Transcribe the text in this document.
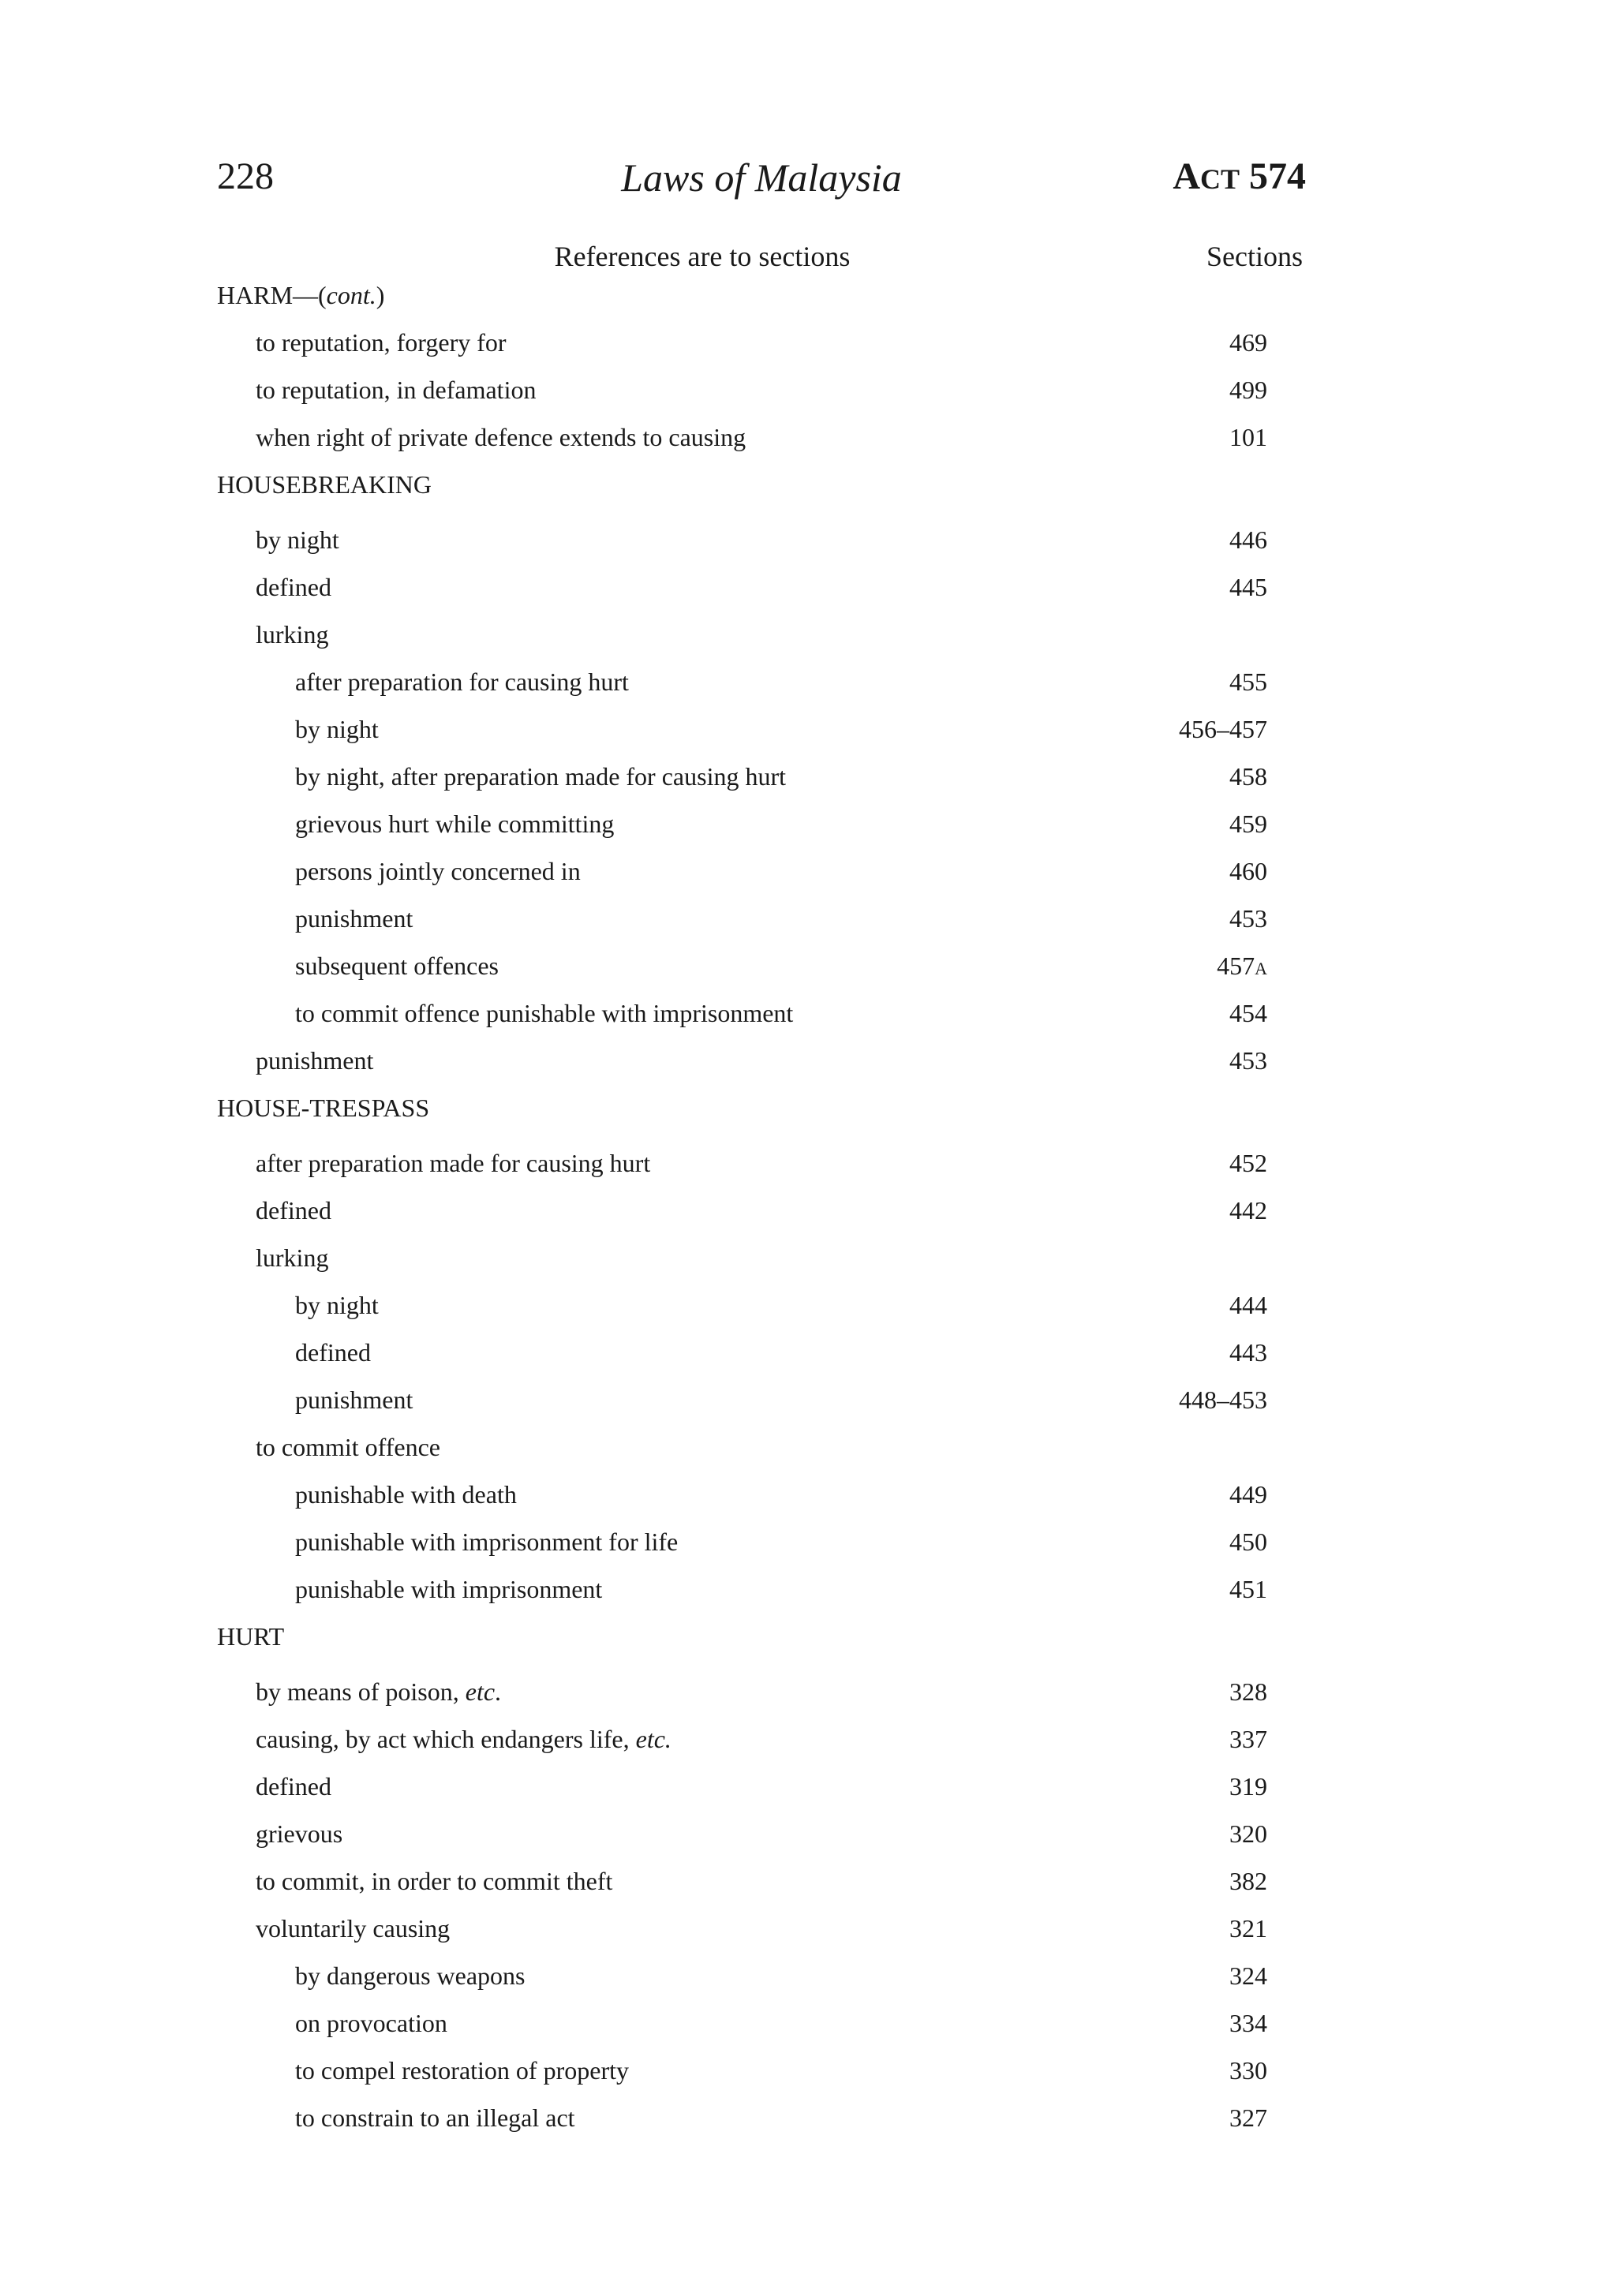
228	Laws of Malaysia	ACT 574
References are to sections	Sections
HARM—(cont.)
to reputation, forgery for	469
to reputation, in defamation	499
when right of private defence extends to causing	101
HOUSEBREAKING
by night	446
defined	445
lurking
after preparation for causing hurt	455
by night	456–457
by night, after preparation made for causing hurt	458
grievous hurt while committing	459
persons jointly concerned in	460
punishment	453
subsequent offences	457A
to commit offence punishable with imprisonment	454
punishment	453
HOUSE-TRESPASS
after preparation made for causing hurt	452
defined	442
lurking
by night	444
defined	443
punishment	448–453
to commit offence
punishable with death	449
punishable with imprisonment for life	450
punishable with imprisonment	451
HURT
by means of poison, etc.	328
causing, by act which endangers life, etc.	337
defined	319
grievous	320
to commit, in order to commit theft	382
voluntarily causing	321
by dangerous weapons	324
on provocation	334
to compel restoration of property	330
to constrain to an illegal act	327
